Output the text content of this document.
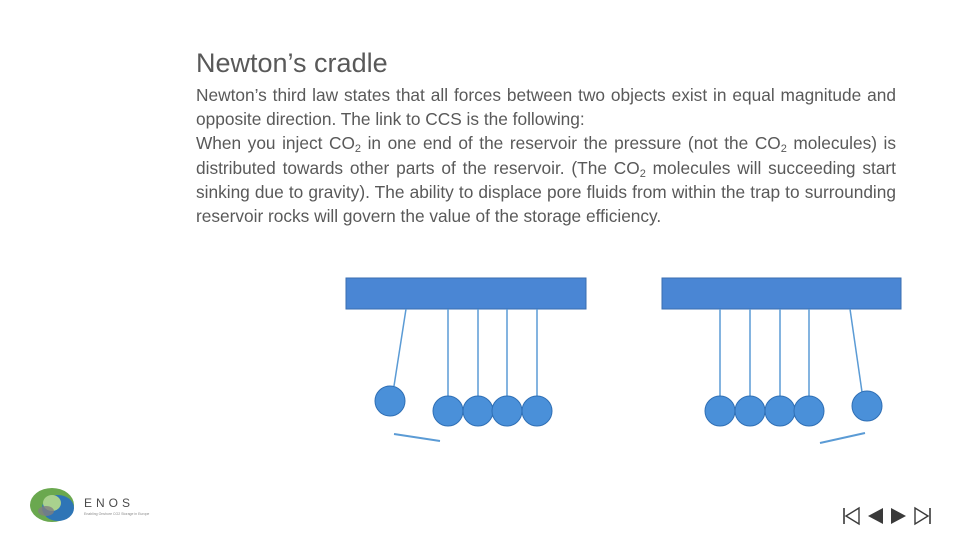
Newton’s cradle

Newton’s third law states that all forces between two objects exist in equal magnitude and opposite direction. The link to CCS is the following:

When you inject $CO_2$ in one end of the reservoir the pressure (not the $CO_2$ molecules) is distributed towards other parts of the reservoir. (The $CO_2$ molecules will succeeding start sinking due to gravity). The ability to displace pore fluids from within the trap to surrounding reservoir rocks will govern the value of the storage efficiency.

ENOS
Enabling Onshore CO2 Storage in Europe
